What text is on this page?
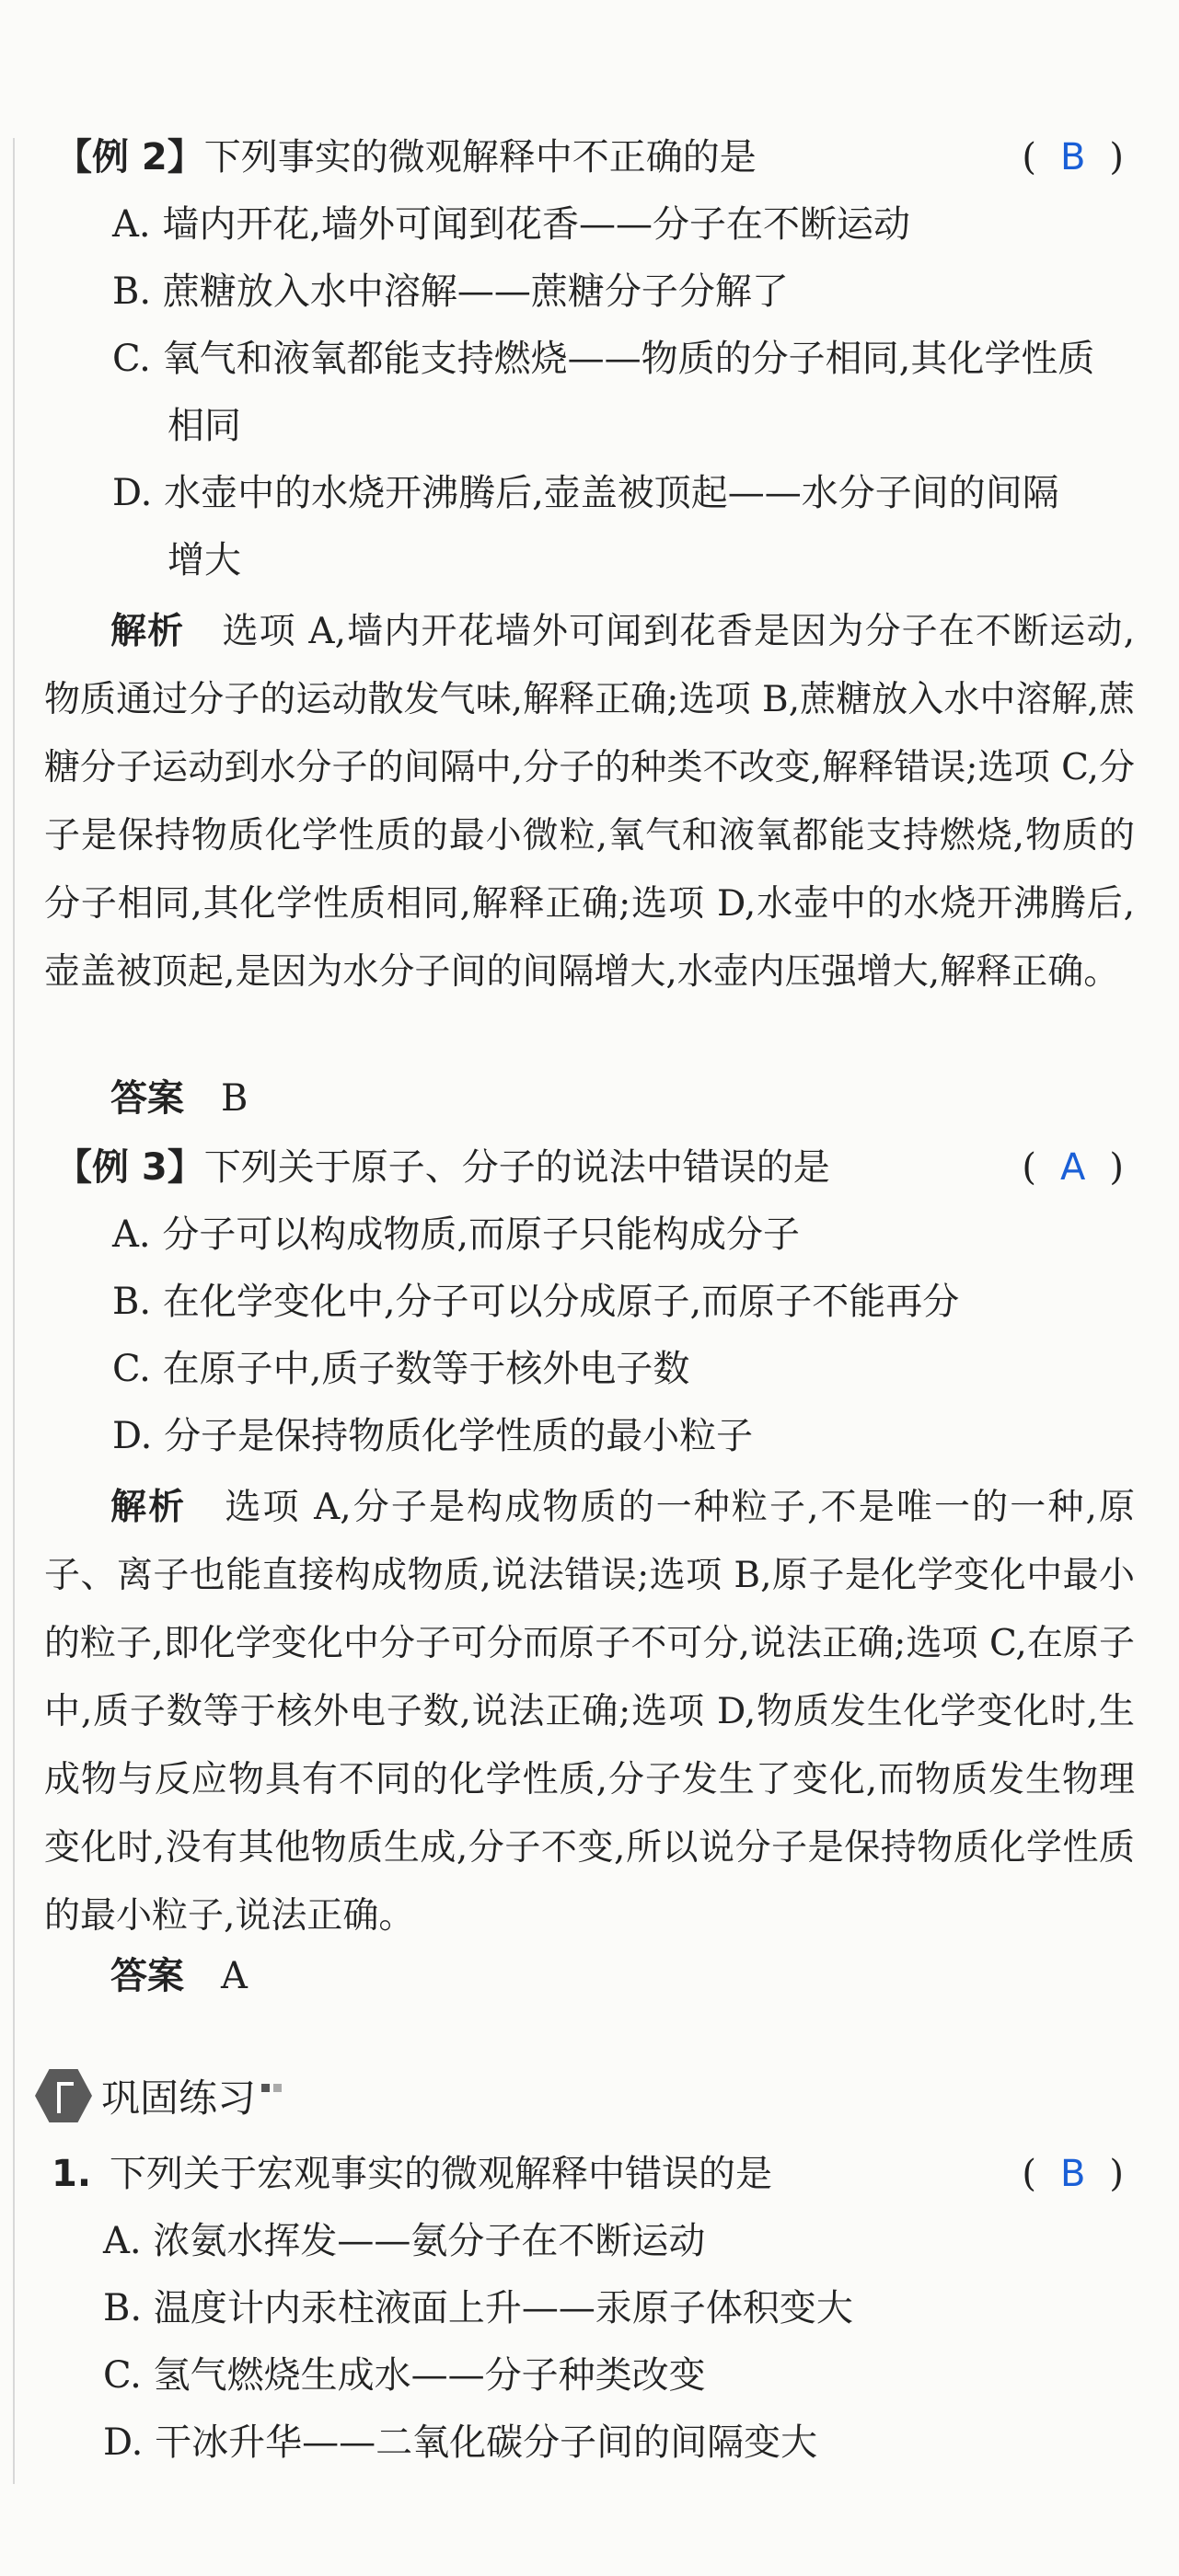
【例 2】下列事实的微观解释中不正确的是	( B )
A. 墙内开花,墙外可闻到花香——分子在不断运动
B. 蔗糖放入水中溶解——蔗糖分子分解了
C. 氧气和液氧都能支持燃烧——物质的分子相同,其化学性质
相同
D. 水壶中的水烧开沸腾后,壶盖被顶起——水分子间的间隔
增大
解析 选项 A,墙内开花墙外可闻到花香是因为分子在不断运动,物质通过分子的运动散发气味,解释正确;选项 B,蔗糖放入水中溶解,蔗糖分子运动到水分子的间隔中,分子的种类不改变,解释错误;选项 C,分子是保持物质化学性质的最小微粒,氧气和液氧都能支持燃烧,物质的分子相同,其化学性质相同,解释正确;选项 D,水壶中的水烧开沸腾后,壶盖被顶起,是因为水分子间的间隔增大,水壶内压强增大,解释正确。
答案 B
【例 3】下列关于原子、分子的说法中错误的是	( A )
A. 分子可以构成物质,而原子只能构成分子
B. 在化学变化中,分子可以分成原子,而原子不能再分
C. 在原子中,质子数等于核外电子数
D. 分子是保持物质化学性质的最小粒子
解析 选项 A,分子是构成物质的一种粒子,不是唯一的一种,原子、离子也能直接构成物质,说法错误;选项 B,原子是化学变化中最小的粒子,即化学变化中分子可分而原子不可分,说法正确;选项 C,在原子中,质子数等于核外电子数,说法正确;选项 D,物质发生化学变化时,生成物与反应物具有不同的化学性质,分子发生了变化,而物质发生物理变化时,没有其他物质生成,分子不变,所以说分子是保持物质化学性质的最小粒子,说法正确。
答案 A
巩固练习
1. 下列关于宏观事实的微观解释中错误的是	( B )
A. 浓氨水挥发——氨分子在不断运动
B. 温度计内汞柱液面上升——汞原子体积变大
C. 氢气燃烧生成水——分子种类改变
D. 干冰升华——二氧化碳分子间的间隔变大
